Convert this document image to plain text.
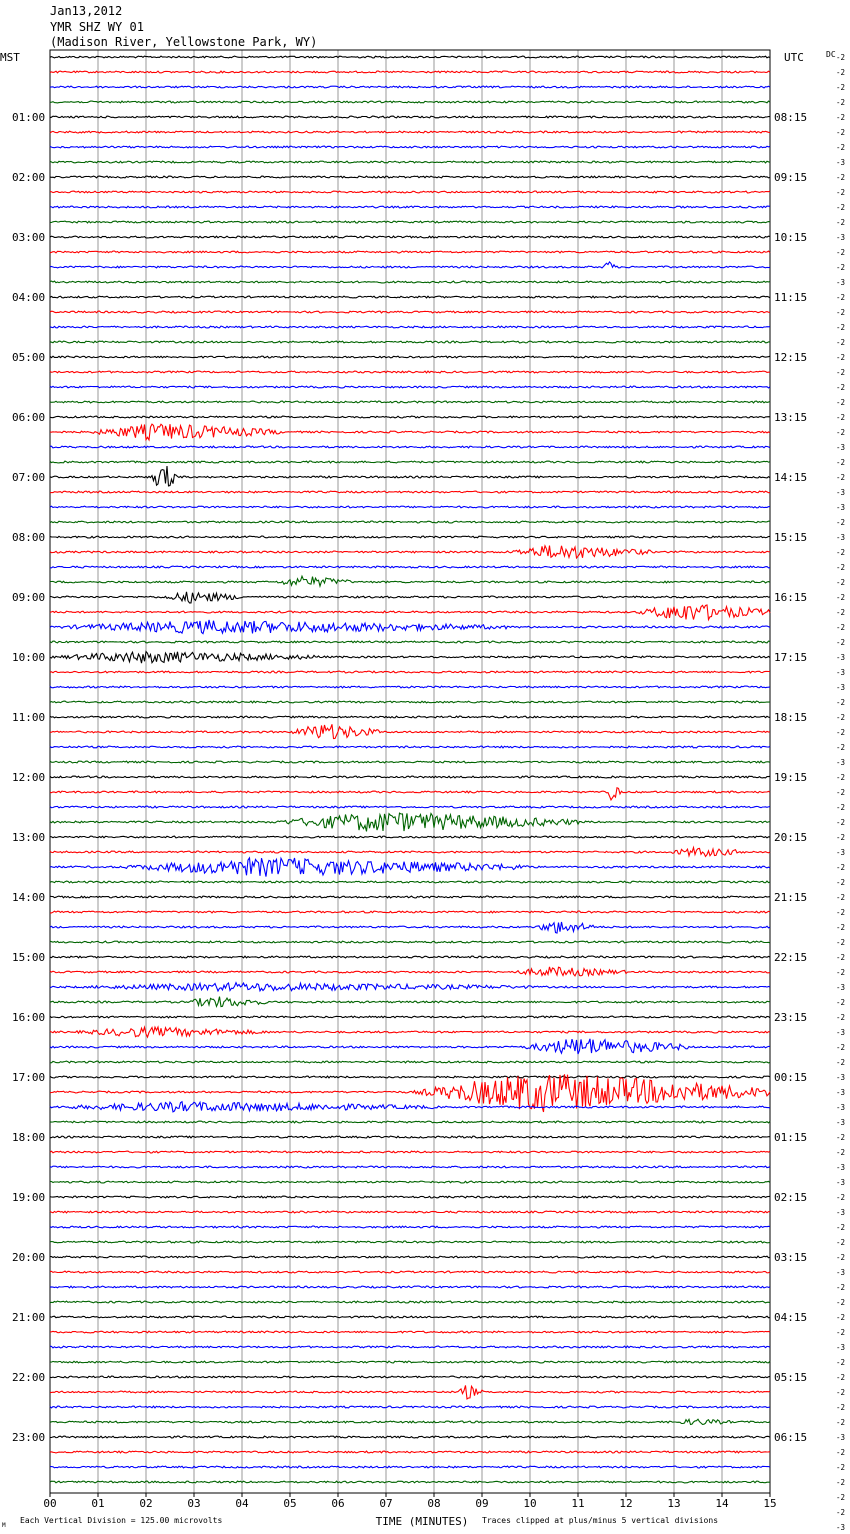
Jan13,2012
YMR SHZ WY 01
(Madison River, Yellowstone Park, WY)
MST	UTC	DC
01:00
02:00
03:00
04:00
05:00
06:00
07:00
08:00
09:00
10:00
11:00
12:00
13:00
14:00
15:00
16:00
17:00
18:00
19:00
20:00
21:00
22:00
23:00
08:15
09:15
10:15
11:15
12:15
13:15
14:15
15:15
16:15
17:15
18:15
19:15
20:15
21:15
22:15
23:15
00:15
01:15
02:15
03:15
04:15
05:15
06:15
-2
-2
-2
-2
-2
-2
-2
-3
-2
-2
-2
-2
-3
-2
-2
-3
-2
-2
-2
-2
-2
-2
-2
-2
-2
-2
-3
-2
-2
-3
-3
-2
-3
-2
-2
-2
-2
-2
-2
-2
-3
-3
-3
-2
-2
-2
-2
-3
-2
-2
-2
-2
-2
-3
-2
-2
-2
-2
-2
-2
-2
-2
-3
-2
-2
-3
-2
-2
-3
-3
-3
-3
-2
-2
-3
-3
-2
-3
-2
-2
-2
-3
-2
-2
-2
-2
-3
-2
-2
-2
-2
-2
-3
-2
-2
-2
-2
-2
-3
00	01	02	03	04	05	06	07	08	09	10	11	12	13	14	15
TIME (MINUTES)
Each Vertical Division = 125.00 microvolts	Traces clipped at plus/minus 5 vertical divisions
M
